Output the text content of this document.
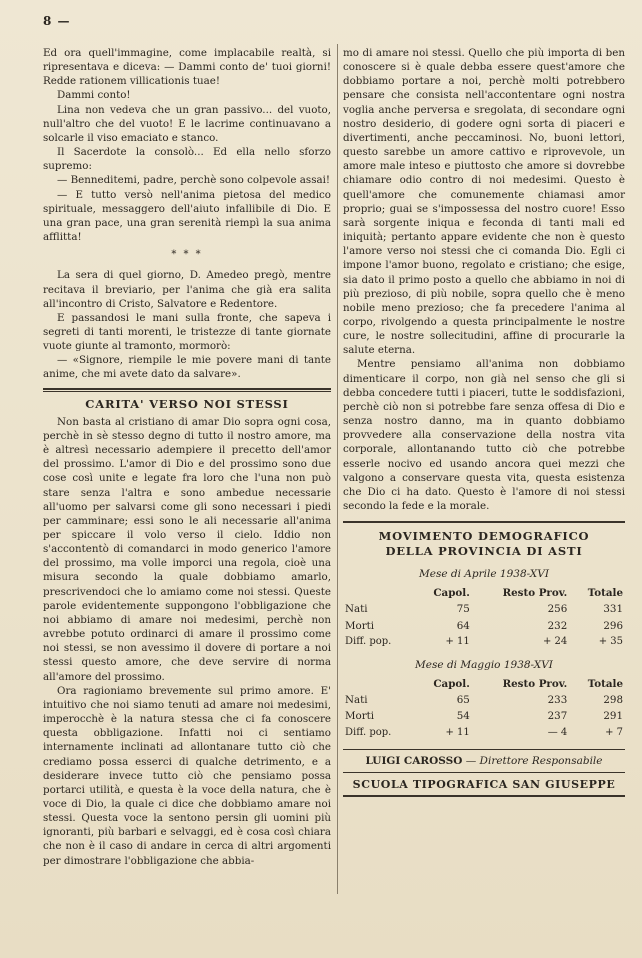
8 —

Ed ora quell'immagine, come implacabile realtà, si ripresentava e diceva: — Dammi conto de' tuoi giorni! Redde rationem villicationis tuae!

Dammi conto!

Lina non vedeva che un gran passivo... del vuoto, null'altro che del vuoto! E le lacrime continuavano a solcarle il viso emaciato e stanco.

Il Sacerdote la consolò... Ed ella nello sforzo supremo:

— Benneditemi, padre, perchè sono colpevole assai!

— E tutto versò nell'anima pietosa del medico spirituale, messaggero dell'aiuto infallibile di Dio. E una gran pace, una gran serenità riempì la sua anima afflitta!

* * *

La sera di quel giorno, D. Amedeo pregò, mentre recitava il breviario, per l'anima che già era salita all'incontro di Cristo, Salvatore e Redentore.

E passandosi le mani sulla fronte, che sapeva i segreti di tanti morenti, le tristezze di tante giornate vuote giunte al tramonto, mormorò:

— «Signore, riempile le mie povere mani di tante anime, che mi avete dato da salvare».

CARITA' VERSO NOI STESSI

Non basta al cristiano di amar Dio sopra ogni cosa, perchè in sè stesso degno di tutto il nostro amore, ma è altresì necessario adempiere il precetto dell'amor del prossimo. L'amor di Dio e del prossimo sono due cose così unite e legate fra loro che l'una non può stare senza l'altra e sono ambedue necessarie all'uomo per salvarsi come gli sono necessari i piedi per camminare; essi sono le ali necessarie all'anima per spiccare il volo verso il cielo. Iddio non s'accontentò di comandarci in modo generico l'amore del prossimo, ma volle imporci una regola, cioè una misura secondo la quale dobbiamo amarlo, prescrivendoci che lo amiamo come noi stessi. Queste parole evidentemente suppongono l'obbligazione che noi abbiamo di amare noi medesimi, perchè non avrebbe potuto ordinarci di amare il prossimo come noi stessi, se non avessimo il dovere di portare a noi stessi questo amore, che deve servire di norma all'amore del prossimo.

Ora ragioniamo brevemente sul primo amore. E' intuitivo che noi siamo tenuti ad amare noi medesimi, imperocchè è la natura stessa che ci fa conoscere questa obbligazione. Infatti noi ci sentiamo internamente inclinati ad allontanare tutto ciò che crediamo possa esserci di qualche detrimento, e a desiderare invece tutto ciò che pensiamo possa portarci utilità, e questa è la voce della natura, che è voce di Dio, la quale ci dice che dobbiamo amare noi stessi. Questa voce la sentono persin gli uomini più ignoranti, più barbari e selvaggi, ed è cosa così chiara che non è il caso di andare in cerca di altri argomenti per dimostrare l'obbligazione che abbia-

mo di amare noi stessi. Quello che più importa di ben conoscere si è quale debba essere quest'amore che dobbiamo portare a noi, perchè molti potrebbero pensare che consista nell'accontentare ogni nostra voglia anche perversa e sregolata, di secondare ogni nostro desiderio, di godere ogni sorta di piaceri e divertimenti, anche peccaminosi. No, buoni lettori, questo sarebbe un amore cattivo e riprovevole, un amore male inteso e piuttosto che amore si dovrebbe chiamare odio contro di noi medesimi. Questo è quell'amore che comunemente chiamasi amor proprio; guai se s'impossessa del nostro cuore! Esso sarà sorgente iniqua e feconda di tanti mali ed iniquità; pertanto appare evidente che non è questo l'amore verso noi stessi che ci comanda Dio. Egli ci impone l'amor buono, regolato e cristiano; che esige, sia dato il primo posto a quello che abbiamo in noi di più prezioso, di più nobile, sopra quello che è meno nobile meno prezioso; che fa precedere l'anima al corpo, rivolgendo a questa principalmente le nostre cure, le nostre sollecitudini, affine di procurarle la salute eterna.

Mentre pensiamo all'anima non dobbiamo dimenticare il corpo, non già nel senso che gli si debba concedere tutti i piaceri, tutte le soddisfazioni, perchè ciò non si potrebbe fare senza offesa di Dio e senza nostro danno, ma in quanto dobbiamo provvedere alla conservazione della nostra vita corporale, allontanando tutto ciò che potrebbe esserle nocivo ed usando ancora quei mezzi che valgono a conservare questa vita, questa esistenza che Dio ci ha dato. Questo è l'amore di noi stessi secondo la fede e la morale.

MOVIMENTO DEMOGRAFICO
DELLA PROVINCIA DI ASTI
Mese di Aprile 1938-XVI
	Capol.	Resto Prov.	Totale
Nati	75	256	331
Morti	64	232	296
Diff. pop.	+ 11	+ 24	+ 35
Mese di Maggio 1938-XVI
	Capol.	Resto Prov.	Totale
Nati	65	233	298
Morti	54	237	291
Diff. pop.	+ 11	— 4	+ 7
LUIGI CAROSSO — Direttore Responsabile
SCUOLA TIPOGRAFICA SAN GIUSEPPE
